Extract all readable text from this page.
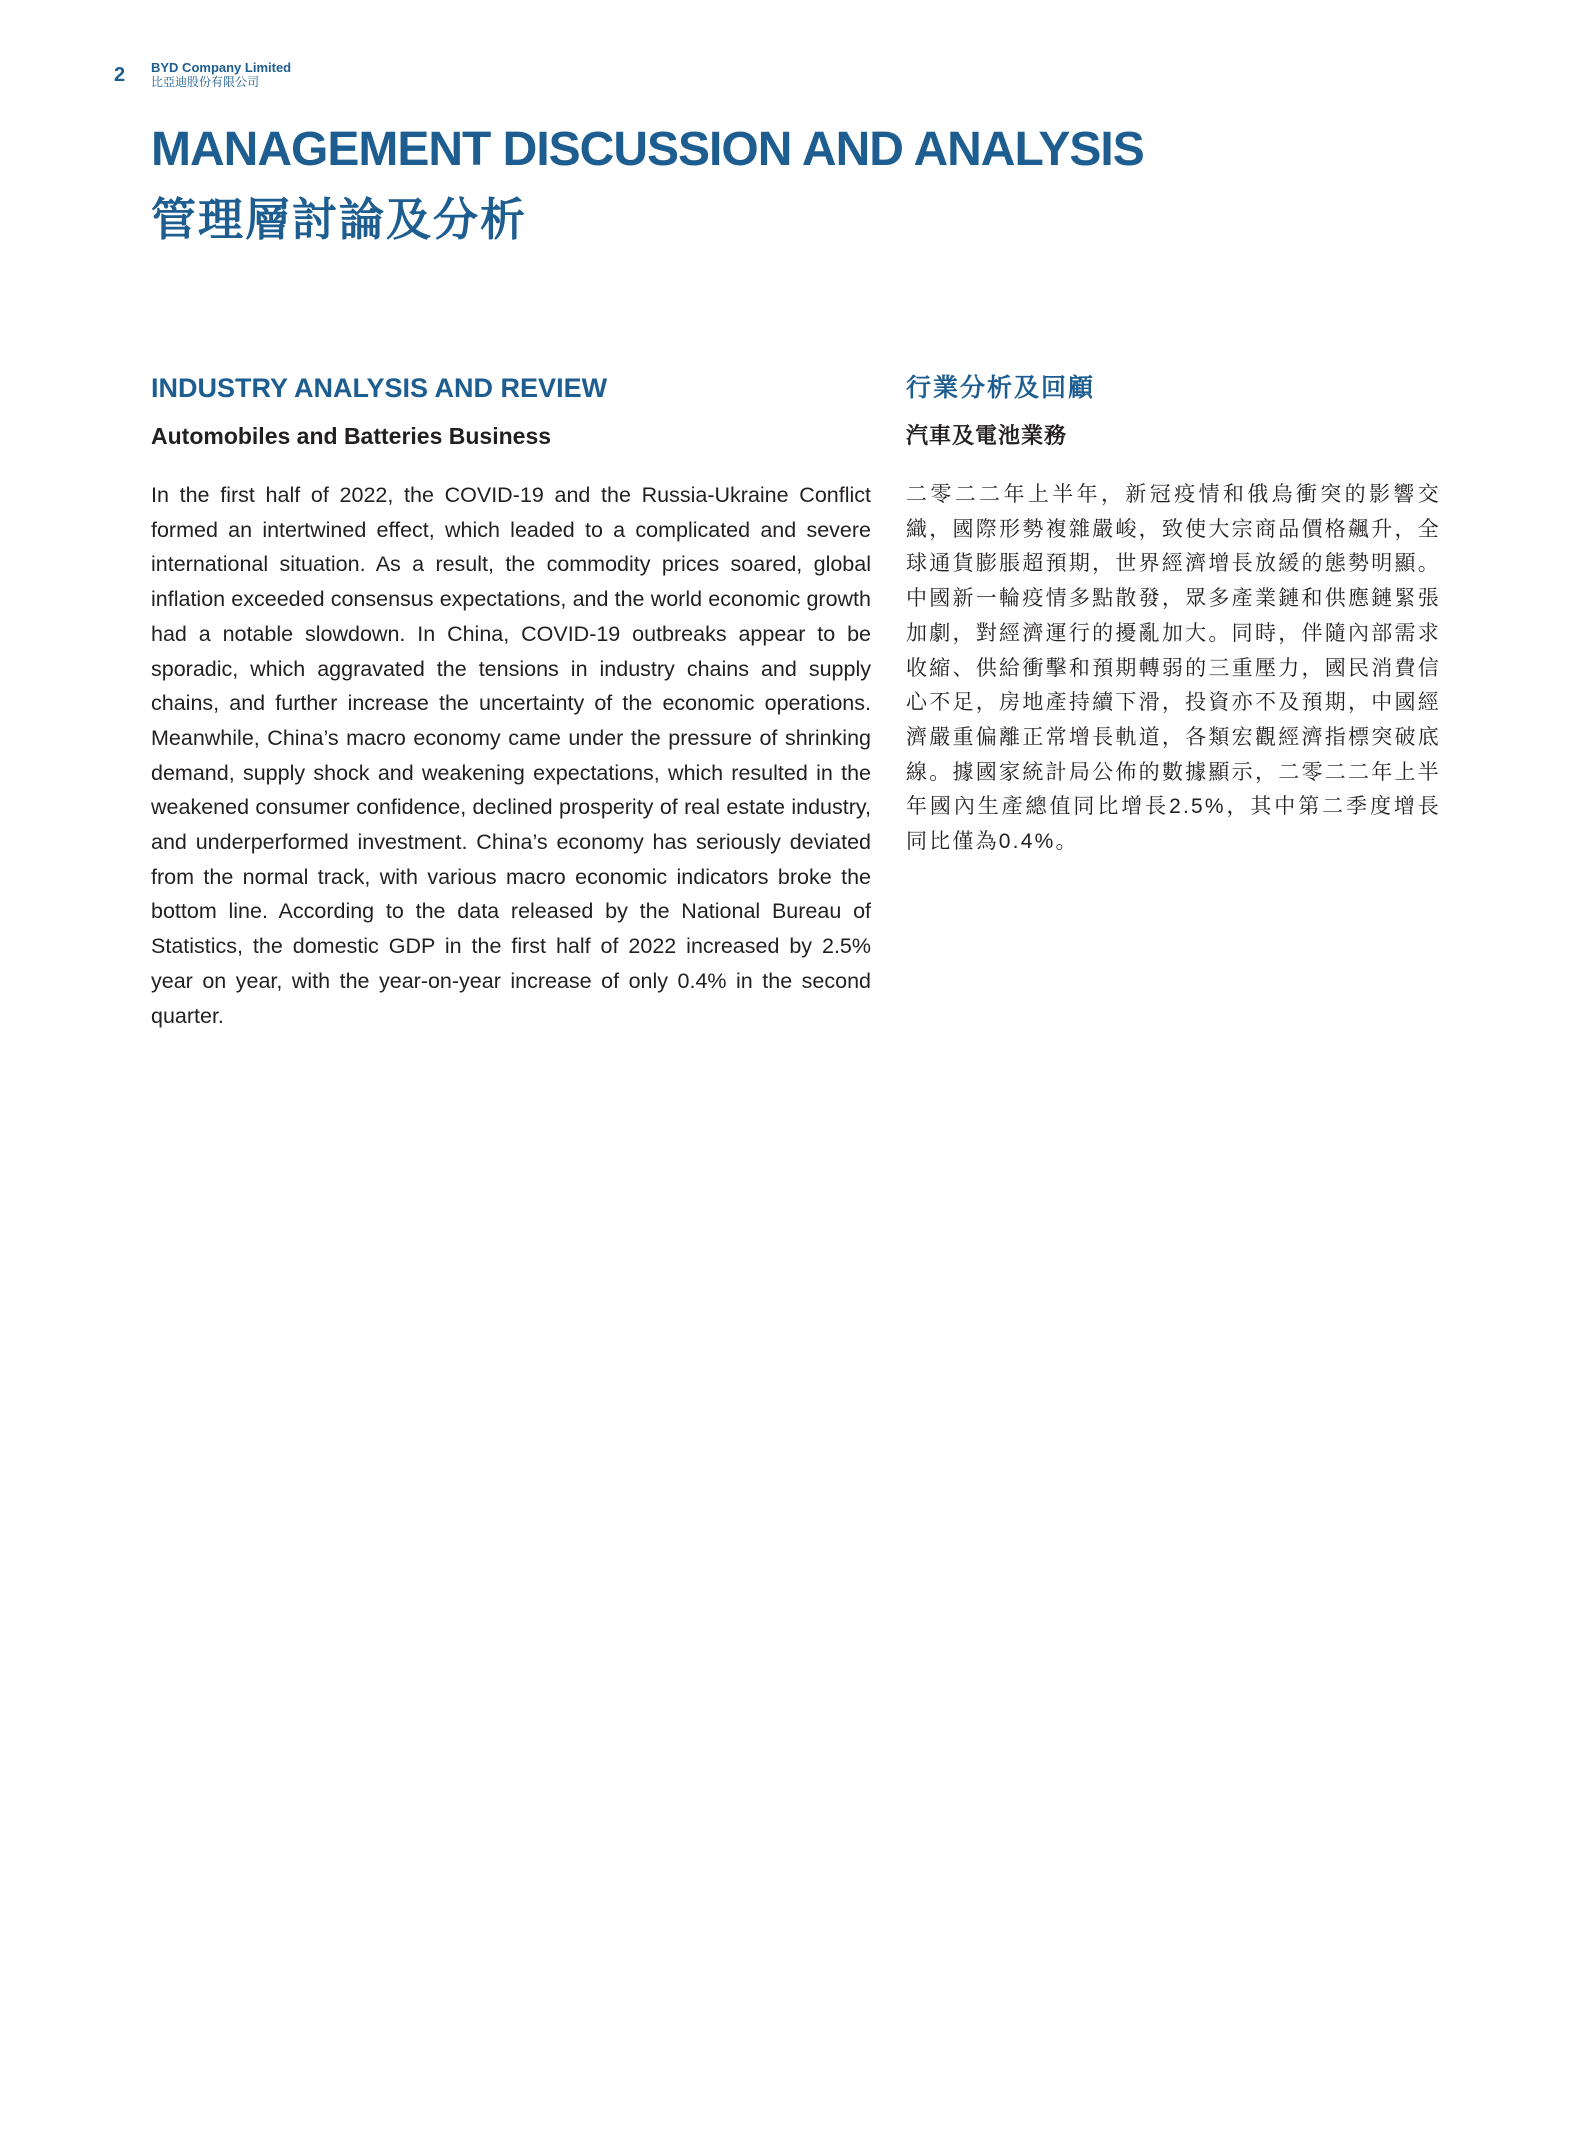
2 BYD Company Limited
比亞迪股份有限公司
MANAGEMENT DISCUSSION AND ANALYSIS
管理層討論及分析
INDUSTRY ANALYSIS AND REVIEW
Automobiles and Batteries Business

In the first half of 2022, the COVID-19 and the Russia-Ukraine Conflict formed an intertwined effect, which leaded to a complicated and severe international situation. As a result, the commodity prices soared, global inflation exceeded consensus expectations, and the world economic growth had a notable slowdown. In China, COVID-19 outbreaks appear to be sporadic, which aggravated the tensions in industry chains and supply chains, and further increase the uncertainty of the economic operations. Meanwhile, China’s macro economy came under the pressure of shrinking demand, supply shock and weakening expectations, which resulted in the weakened consumer confidence, declined prosperity of real estate industry, and underperformed investment. China’s economy has seriously deviated from the normal track, with various macro economic indicators broke the bottom line. According to the data released by the National Bureau of Statistics, the domestic GDP in the first half of 2022 increased by 2.5% year on year, with the year-on-year increase of only 0.4% in the second quarter.

行業分析及回顧
汽車及電池業務

二零二二年上半年，新冠疫情和俄烏衝突的影響交織，國際形勢複雜嚴峻，致使大宗商品價格飆升，全球通貨膨脹超預期，世界經濟增長放緩的態勢明顯。中國新一輪疫情多點散發，眾多產業鏈和供應鏈緊張加劇，對經濟運行的擾亂加大。同時，伴隨內部需求收縮、供給衝擊和預期轉弱的三重壓力，國民消費信心不足，房地產持續下滑，投資亦不及預期，中國經濟嚴重偏離正常增長軌道，各類宏觀經濟指標突破底線。據國家統計局公佈的數據顯示，二零二二年上半年國內生產總值同比增長2.5%，其中第二季度增長同比僅為0.4%。
